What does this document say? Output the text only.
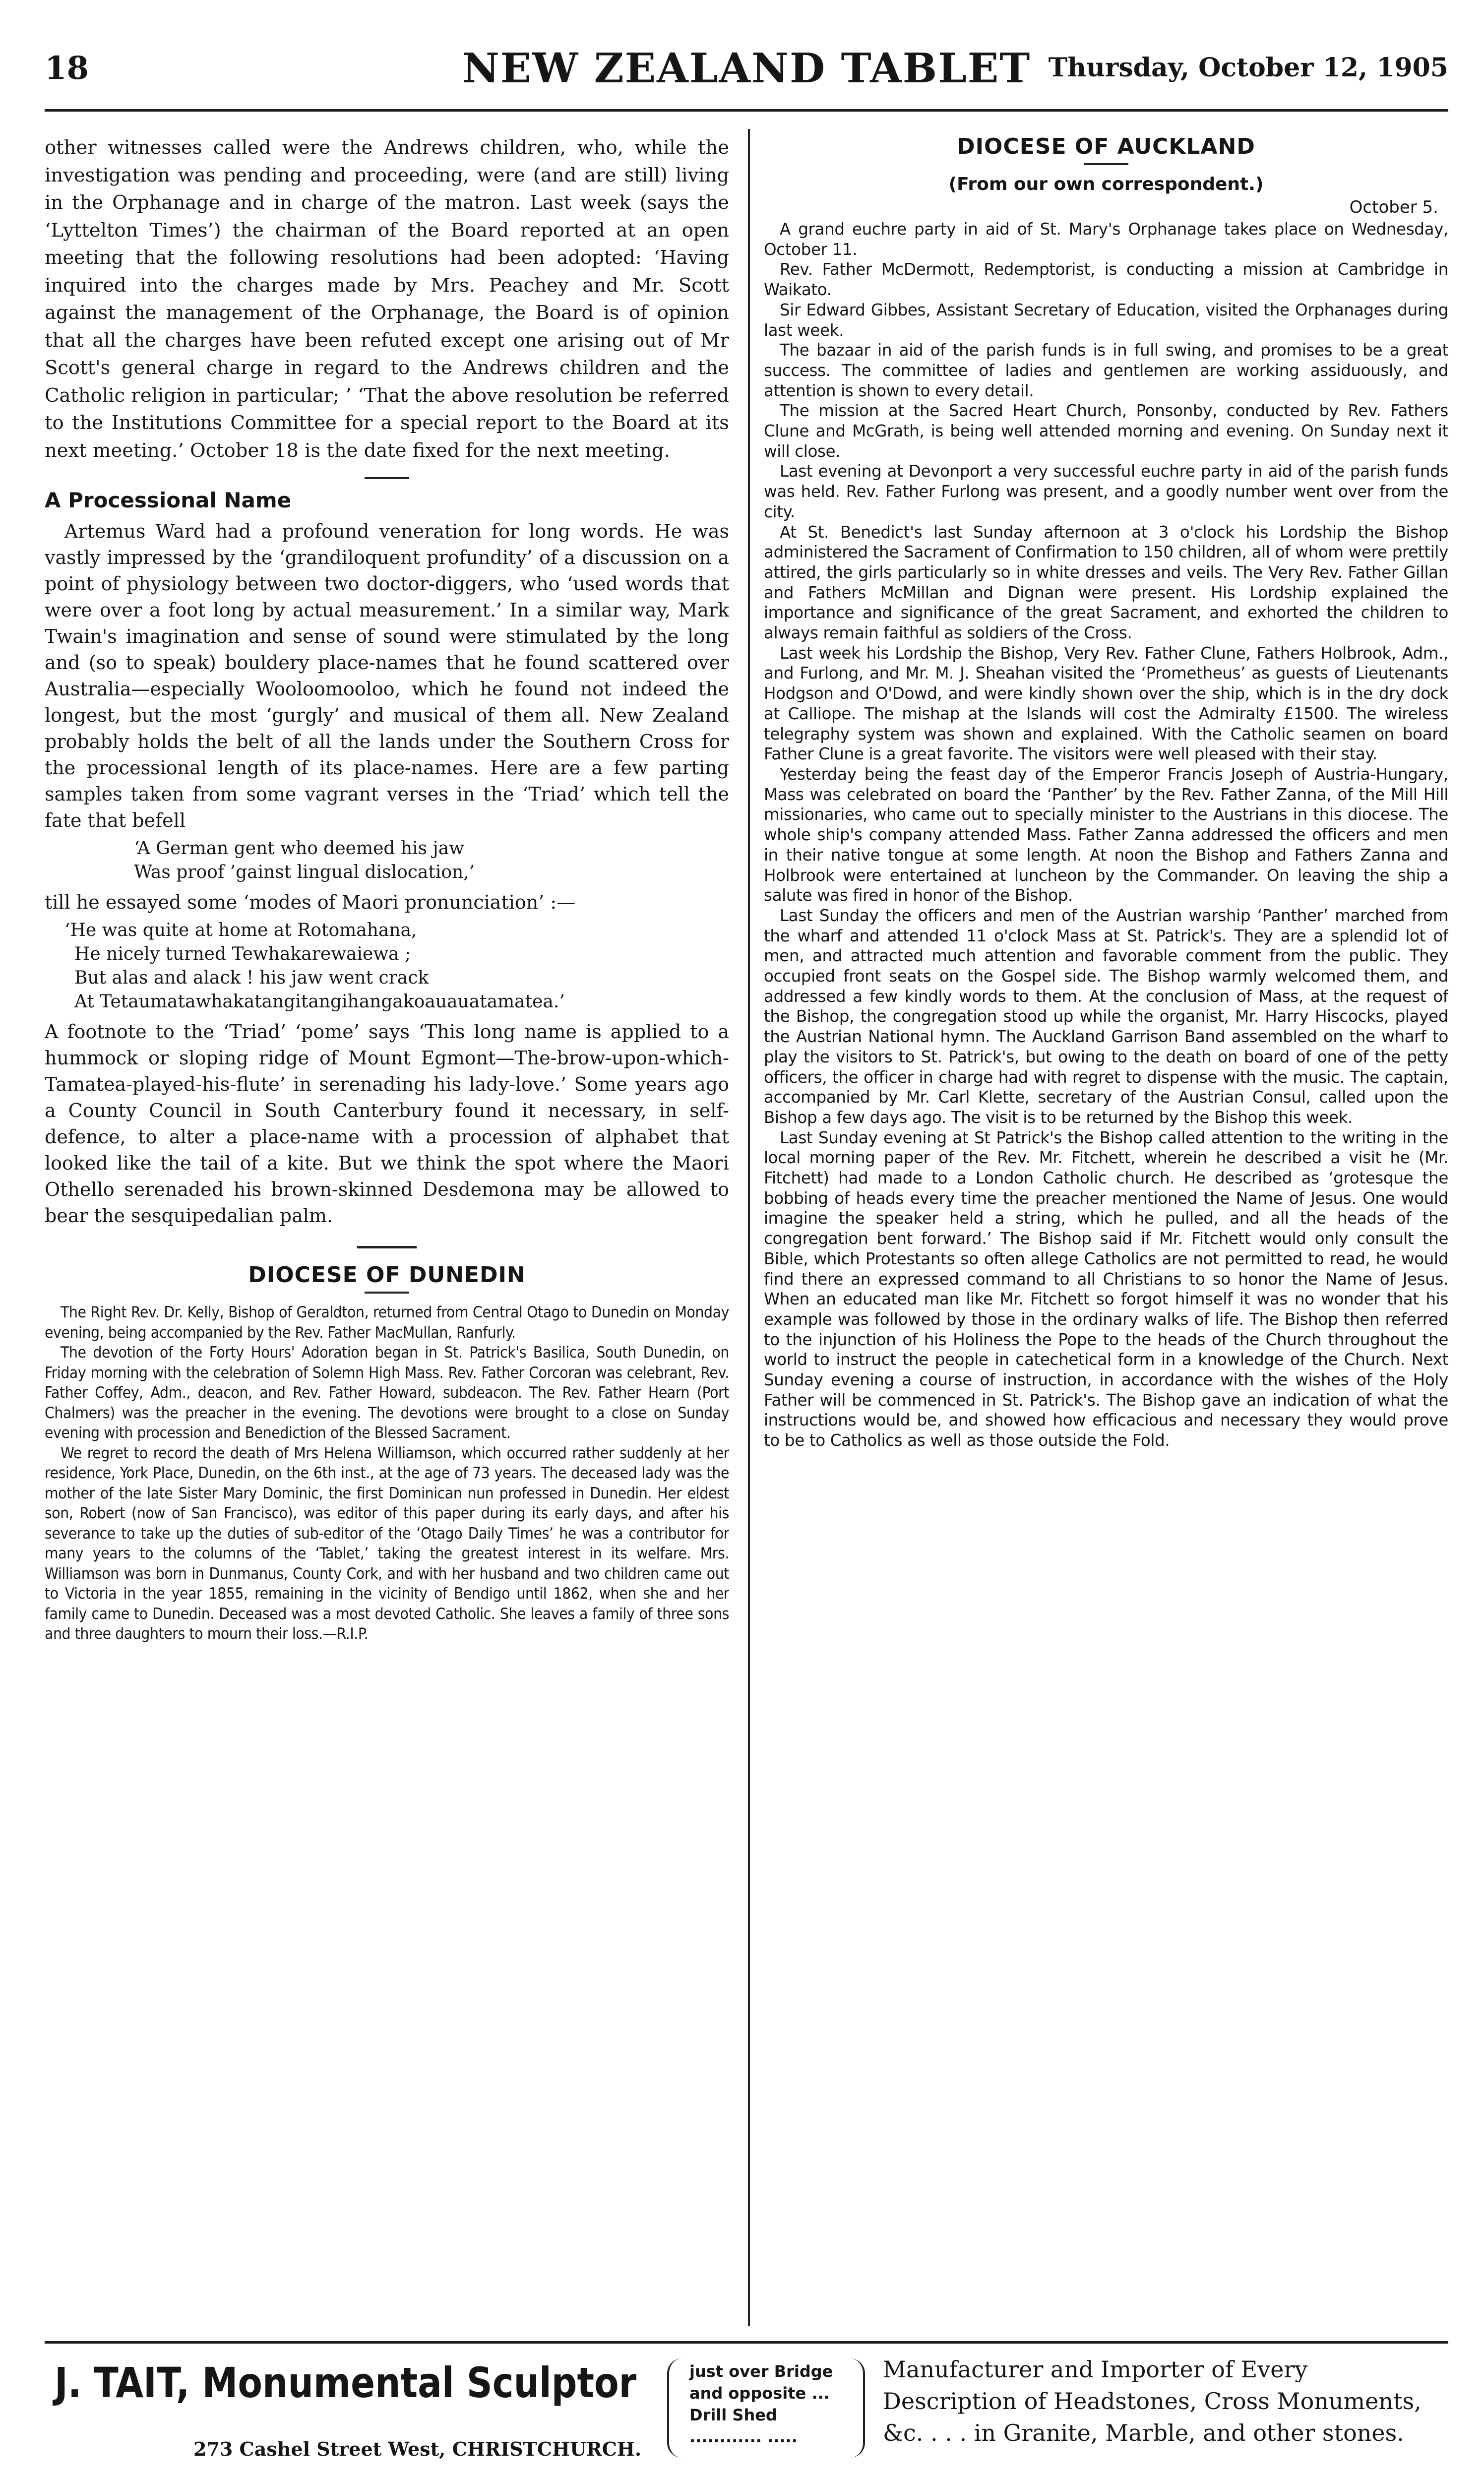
18	NEW ZEALAND TABLET Thursday, October 12, 1905

other witnesses called were the Andrews children, who, while the investigation was pending and proceeding, were (and are still) living in the Orphanage and in charge of the matron. Last week (says the ‘Lyttelton Times’) the chairman of the Board reported at an open meeting that the following resolutions had been adopted: ‘Having inquired into the charges made by Mrs. Peachey and Mr. Scott against the management of the Orphanage, the Board is of opinion that all the charges have been refuted except one arising out of Mr Scott's general charge in regard to the Andrews children and the Catholic religion in particular; ’ ‘That the above resolution be referred to the Institutions Committee for a special report to the Board at its next meeting.’ October 18 is the date fixed for the next meeting.

A Processional Name

Artemus Ward had a profound veneration for long words. He was vastly impressed by the ‘grandiloquent profundity’ of a discussion on a point of physiology between two doctor-diggers, who ‘used words that were over a foot long by actual measurement.’ In a similar way, Mark Twain's imagination and sense of sound were stimulated by the long and (so to speak) bouldery place-names that he found scattered over Australia—especially Wooloomooloo, which he found not indeed the longest, but the most ‘gurgly’ and musical of them all. New Zealand probably holds the belt of all the lands under the Southern Cross for the processional length of its place-names. Here are a few parting samples taken from some vagrant verses in the ‘Triad’ which tell the fate that befell

‘A German gent who deemed his jaw
Was proof ’gainst lingual dislocation,’

till he essayed some ‘modes of Maori pronunciation’ :—

‘He was quite at home at Rotomahana,
He nicely turned Tewhakarewaiewa ;
But alas and alack ! his jaw went crack
At Tetaumatawhakatangitangihangakoauauatamatea.’

A footnote to the ‘Triad’ ‘pome’ says ‘This long name is applied to a hummock or sloping ridge of Mount Egmont—The-brow-upon-which-Tamatea-played-his-flute’ in serenading his lady-love.’ Some years ago a County Council in South Canterbury found it necessary, in self-defence, to alter a place-name with a procession of alphabet that looked like the tail of a kite. But we think the spot where the Maori Othello serenaded his brown-skinned Desdemona may be allowed to bear the sesquipedalian palm.

DIOCESE OF DUNEDIN

The Right Rev. Dr. Kelly, Bishop of Geraldton, returned from Central Otago to Dunedin on Monday evening, being accompanied by the Rev. Father MacMullan, Ranfurly.

The devotion of the Forty Hours' Adoration began in St. Patrick's Basilica, South Dunedin, on Friday morning with the celebration of Solemn High Mass. Rev. Father Corcoran was celebrant, Rev. Father Coffey, Adm., deacon, and Rev. Father Howard, subdeacon. The Rev. Father Hearn (Port Chalmers) was the preacher in the evening. The devotions were brought to a close on Sunday evening with procession and Benediction of the Blessed Sacrament.

We regret to record the death of Mrs Helena Williamson, which occurred rather suddenly at her residence, York Place, Dunedin, on the 6th inst., at the age of 73 years. The deceased lady was the mother of the late Sister Mary Dominic, the first Dominican nun professed in Dunedin. Her eldest son, Robert (now of San Francisco), was editor of this paper during its early days, and after his severance to take up the duties of sub-editor of the ‘Otago Daily Times’ he was a contributor for many years to the columns of the ‘Tablet,’ taking the greatest interest in its welfare. Mrs. Williamson was born in Dunmanus, County Cork, and with her husband and two children came out to Victoria in the year 1855, remaining in the vicinity of Bendigo until 1862, when she and her family came to Dunedin. Deceased was a most devoted Catholic. She leaves a family of three sons and three daughters to mourn their loss.—R.I.P.

DIOCESE OF AUCKLAND
(From our own correspondent.)
October 5.

A grand euchre party in aid of St. Mary's Orphanage takes place on Wednesday, October 11.

Rev. Father McDermott, Redemptorist, is conducting a mission at Cambridge in Waikato.

Sir Edward Gibbes, Assistant Secretary of Education, visited the Orphanages during last week.

The bazaar in aid of the parish funds is in full swing, and promises to be a great success. The committee of ladies and gentlemen are working assiduously, and attention is shown to every detail.

The mission at the Sacred Heart Church, Ponsonby, conducted by Rev. Fathers Clune and McGrath, is being well attended morning and evening. On Sunday next it will close.

Last evening at Devonport a very successful euchre party in aid of the parish funds was held. Rev. Father Furlong was present, and a goodly number went over from the city.

At St. Benedict's last Sunday afternoon at 3 o'clock his Lordship the Bishop administered the Sacrament of Confirmation to 150 children, all of whom were prettily attired, the girls particularly so in white dresses and veils. The Very Rev. Father Gillan and Fathers McMillan and Dignan were present. His Lordship explained the importance and significance of the great Sacrament, and exhorted the children to always remain faithful as soldiers of the Cross.

Last week his Lordship the Bishop, Very Rev. Father Clune, Fathers Holbrook, Adm., and Furlong, and Mr. M. J. Sheahan visited the ‘Prometheus’ as guests of Lieutenants Hodgson and O'Dowd, and were kindly shown over the ship, which is in the dry dock at Calliope. The mishap at the Islands will cost the Admiralty £1500. The wireless telegraphy system was shown and explained. With the Catholic seamen on board Father Clune is a great favorite. The visitors were well pleased with their stay.

Yesterday being the feast day of the Emperor Francis Joseph of Austria-Hungary, Mass was celebrated on board the ‘Panther’ by the Rev. Father Zanna, of the Mill Hill missionaries, who came out to specially minister to the Austrians in this diocese. The whole ship's company attended Mass. Father Zanna addressed the officers and men in their native tongue at some length. At noon the Bishop and Fathers Zanna and Holbrook were entertained at luncheon by the Commander. On leaving the ship a salute was fired in honor of the Bishop.

Last Sunday the officers and men of the Austrian warship ‘Panther’ marched from the wharf and attended 11 o'clock Mass at St. Patrick's. They are a splendid lot of men, and attracted much attention and favorable comment from the public. They occupied front seats on the Gospel side. The Bishop warmly welcomed them, and addressed a few kindly words to them. At the conclusion of Mass, at the request of the Bishop, the congregation stood up while the organist, Mr. Harry Hiscocks, played the Austrian National hymn. The Auckland Garrison Band assembled on the wharf to play the visitors to St. Patrick's, but owing to the death on board of one of the petty officers, the officer in charge had with regret to dispense with the music. The captain, accompanied by Mr. Carl Klette, secretary of the Austrian Consul, called upon the Bishop a few days ago. The visit is to be returned by the Bishop this week.

Last Sunday evening at St Patrick's the Bishop called attention to the writing in the local morning paper of the Rev. Mr. Fitchett, wherein he described a visit he (Mr. Fitchett) had made to a London Catholic church. He described as ‘grotesque the bobbing of heads every time the preacher mentioned the Name of Jesus. One would imagine the speaker held a string, which he pulled, and all the heads of the congregation bent forward.’ The Bishop said if Mr. Fitchett would only consult the Bible, which Protestants so often allege Catholics are not permitted to read, he would find there an expressed command to all Christians to so honor the Name of Jesus. When an educated man like Mr. Fitchett so forgot himself it was no wonder that his example was followed by those in the ordinary walks of life. The Bishop then referred to the injunction of his Holiness the Pope to the heads of the Church throughout the world to instruct the people in catechetical form in a knowledge of the Church. Next Sunday evening a course of instruction, in accordance with the wishes of the Holy Father will be commenced in St. Patrick's. The Bishop gave an indication of what the instructions would be, and showed how efficacious and necessary they would prove to be to Catholics as well as those outside the Fold.

J. TAIT, Monumental Sculptor
273 Cashel Street West, CHRISTCHURCH.
just over Bridge
and opposite ...
Drill Shed
............ .....
Manufacturer and Importer of Every Description of Headstones, Cross Monuments, &c. . . . in Granite, Marble, and other stones.
